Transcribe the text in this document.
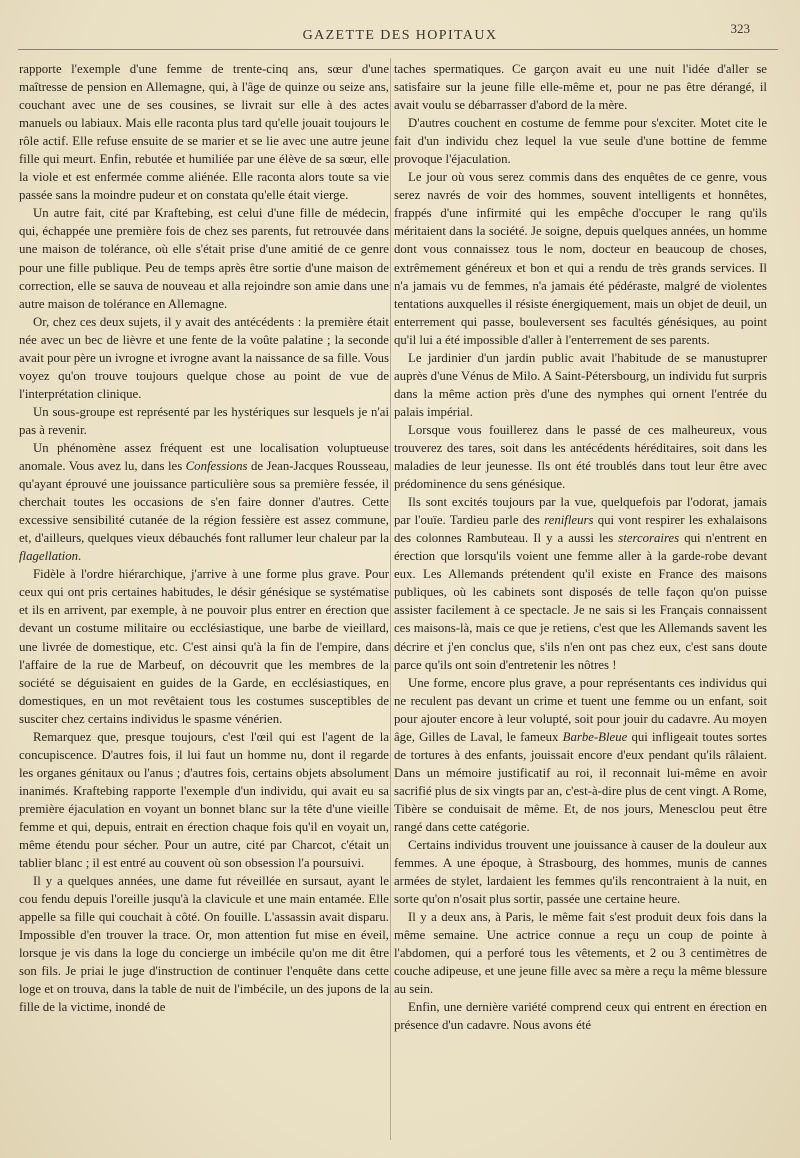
GAZETTE DES HOPITAUX	323

rapporte l'exemple d'une femme de trente-cinq ans, sœur d'une maîtresse de pension en Allemagne, qui, à l'âge de quinze ou seize ans, couchant avec une de ses cousines, se livrait sur elle à des actes manuels ou labiaux. Mais elle raconta plus tard qu'elle jouait toujours le rôle actif. Elle refuse ensuite de se marier et se lie avec une autre jeune fille qui meurt. Enfin, rebutée et humiliée par une élève de sa sœur, elle la viole et est enfermée comme aliénée. Elle raconta alors toute sa vie passée sans la moindre pudeur et on constata qu'elle était vierge.

Un autre fait, cité par Kraftebing, est celui d'une fille de médecin, qui, échappée une première fois de chez ses parents, fut retrouvée dans une maison de tolérance, où elle s'était prise d'une amitié de ce genre pour une fille publique. Peu de temps après être sortie d'une maison de correction, elle se sauva de nouveau et alla rejoindre son amie dans une autre maison de tolérance en Allemagne.

Or, chez ces deux sujets, il y avait des antécédents : la première était née avec un bec de lièvre et une fente de la voûte palatine ; la seconde avait pour père un ivrogne et ivrogne avant la naissance de sa fille. Vous voyez qu'on trouve toujours quelque chose au point de vue de l'interprétation clinique.

Un sous-groupe est représenté par les hystériques sur lesquels je n'ai pas à revenir.

Un phénomène assez fréquent est une localisation voluptueuse anomale. Vous avez lu, dans les Confessions de Jean-Jacques Rousseau, qu'ayant éprouvé une jouissance particulière sous sa première fessée, il cherchait toutes les occasions de s'en faire donner d'autres. Cette excessive sensibilité cutanée de la région fessière est assez commune, et, d'ailleurs, quelques vieux débauchés font rallumer leur chaleur par la flagellation.

Fidèle à l'ordre hiérarchique, j'arrive à une forme plus grave. Pour ceux qui ont pris certaines habitudes, le désir génésique se systématise et ils en arrivent, par exemple, à ne pouvoir plus entrer en érection que devant un costume militaire ou ecclésiastique, une barbe de vieillard, une livrée de domestique, etc. C'est ainsi qu'à la fin de l'empire, dans l'affaire de la rue de Marbeuf, on découvrit que les membres de la société se déguisaient en guides de la Garde, en ecclésiastiques, en domestiques, en un mot revêtaient tous les costumes susceptibles de susciter chez certains individus le spasme vénérien.

Remarquez que, presque toujours, c'est l'œil qui est l'agent de la concupiscence. D'autres fois, il lui faut un homme nu, dont il regarde les organes génitaux ou l'anus ; d'autres fois, certains objets absolument inanimés. Kraftebing rapporte l'exemple d'un individu, qui avait eu sa première éjaculation en voyant un bonnet blanc sur la tête d'une vieille femme et qui, depuis, entrait en érection chaque fois qu'il en voyait un, même étendu pour sécher. Pour un autre, cité par Charcot, c'était un tablier blanc ; il est entré au couvent où son obsession l'a poursuivi.

Il y a quelques années, une dame fut réveillée en sursaut, ayant le cou fendu depuis l'oreille jusqu'à la clavicule et une main entamée. Elle appelle sa fille qui couchait à côté. On fouille. L'assassin avait disparu. Impossible d'en trouver la trace. Or, mon attention fut mise en éveil, lorsque je vis dans la loge du concierge un imbécile qu'on me dit être son fils. Je priai le juge d'instruction de continuer l'enquête dans cette loge et on trouva, dans la table de nuit de l'imbécile, un des jupons de la fille de la victime, inondé de

taches spermatiques. Ce garçon avait eu une nuit l'idée d'aller se satisfaire sur la jeune fille elle-même et, pour ne pas être dérangé, il avait voulu se débarrasser d'abord de la mère.

D'autres couchent en costume de femme pour s'exciter. Motet cite le fait d'un individu chez lequel la vue seule d'une bottine de femme provoque l'éjaculation.

Le jour où vous serez commis dans des enquêtes de ce genre, vous serez navrés de voir des hommes, souvent intelligents et honnêtes, frappés d'une infirmité qui les empêche d'occuper le rang qu'ils méritaient dans la société. Je soigne, depuis quelques années, un homme dont vous connaissez tous le nom, docteur en beaucoup de choses, extrêmement généreux et bon et qui a rendu de très grands services. Il n'a jamais vu de femmes, n'a jamais été pédéraste, malgré de violentes tentations auxquelles il résiste énergiquement, mais un objet de deuil, un enterrement qui passe, bouleversent ses facultés génésiques, au point qu'il lui a été impossible d'aller à l'enterrement de ses parents.

Le jardinier d'un jardin public avait l'habitude de se manustuprer auprès d'une Vénus de Milo. A Saint-Pétersbourg, un individu fut surpris dans la même action près d'une des nymphes qui ornent l'entrée du palais impérial.

Lorsque vous fouillerez dans le passé de ces malheureux, vous trouverez des tares, soit dans les antécédents héréditaires, soit dans les maladies de leur jeunesse. Ils ont été troublés dans tout leur être avec prédominence du sens génésique.

Ils sont excités toujours par la vue, quelquefois par l'odorat, jamais par l'ouïe. Tardieu parle des renifleurs qui vont respirer les exhalaisons des colonnes Rambuteau. Il y a aussi les stercoraires qui n'entrent en érection que lorsqu'ils voient une femme aller à la garde-robe devant eux. Les Allemands prétendent qu'il existe en France des maisons publiques, où les cabinets sont disposés de telle façon qu'on puisse assister facilement à ce spectacle. Je ne sais si les Français connaissent ces maisons-là, mais ce que je retiens, c'est que les Allemands savent les décrire et j'en conclus que, s'ils n'en ont pas chez eux, c'est sans doute parce qu'ils ont soin d'entretenir les nôtres !

Une forme, encore plus grave, a pour représentants ces individus qui ne reculent pas devant un crime et tuent une femme ou un enfant, soit pour ajouter encore à leur volupté, soit pour jouir du cadavre. Au moyen âge, Gilles de Laval, le fameux Barbe-Bleue qui infligeait toutes sortes de tortures à des enfants, jouissait encore d'eux pendant qu'ils râlaient. Dans un mémoire justificatif au roi, il reconnait lui-même en avoir sacrifié plus de six vingts par an, c'est-à-dire plus de cent vingt. A Rome, Tibère se conduisait de même. Et, de nos jours, Menesclou peut être rangé dans cette catégorie.

Certains individus trouvent une jouissance à causer de la douleur aux femmes. A une époque, à Strasbourg, des hommes, munis de cannes armées de stylet, lardaient les femmes qu'ils rencontraient à la nuit, en sorte qu'on n'osait plus sortir, passée une certaine heure.

Il y a deux ans, à Paris, le même fait s'est produit deux fois dans la même semaine. Une actrice connue a reçu un coup de pointe à l'abdomen, qui a perforé tous les vêtements, et 2 ou 3 centimètres de couche adipeuse, et une jeune fille avec sa mère a reçu la même blessure au sein.

Enfin, une dernière variété comprend ceux qui entrent en érection en présence d'un cadavre. Nous avons été
